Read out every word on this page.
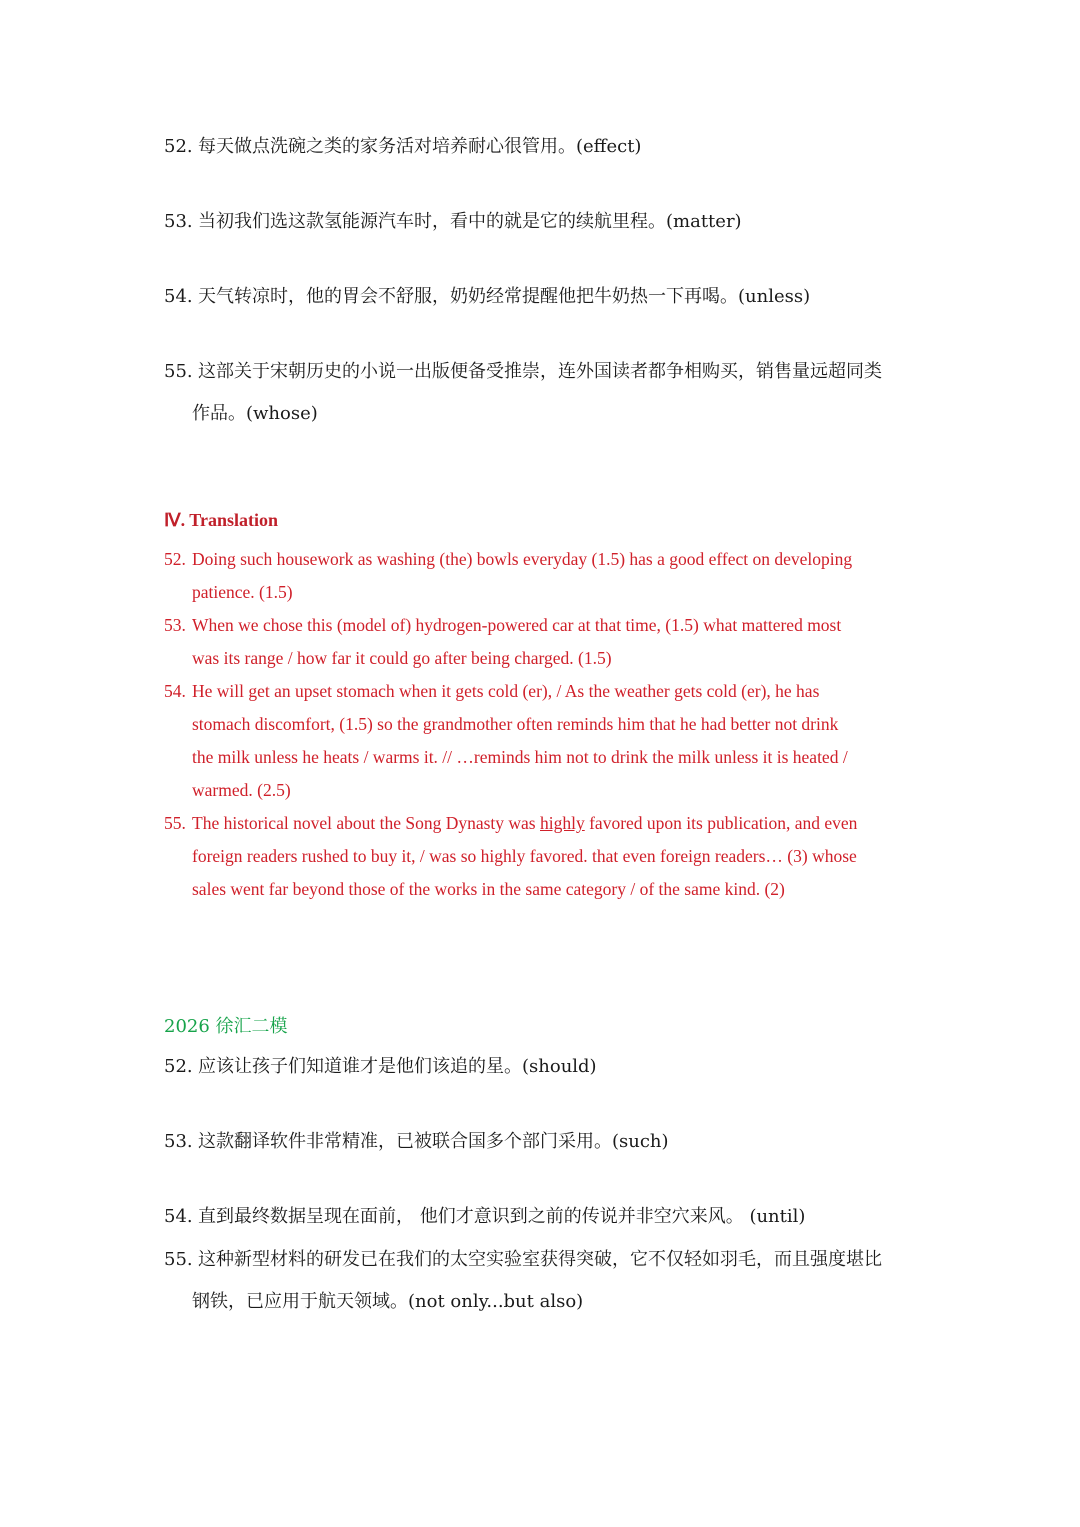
52. 每天做点洗碗之类的家务活对培养耐心很管用。(effect)
53. 当初我们选这款氢能源汽车时，看中的就是它的续航里程。(matter)
54. 天气转凉时，他的胃会不舒服，奶奶经常提醒他把牛奶热一下再喝。(unless)
55. 这部关于宋朝历史的小说一出版便备受推崇，连外国读者都争相购买，销售量远超同类
作品。(whose)
Ⅳ. Translation
52. Doing such housework as washing (the) bowls everyday (1.5) has a good effect on developing
patience. (1.5)
53. When we chose this (model of) hydrogen-powered car at that time, (1.5) what mattered most
was its range / how far it could go after being charged. (1.5)
54. He will get an upset stomach when it gets cold (er), / As the weather gets cold (er), he has
stomach discomfort, (1.5) so the grandmother often reminds him that he had better not drink
the milk unless he heats / warms it. // …reminds him not to drink the milk unless it is heated /
warmed. (2.5)
55. The historical novel about the Song Dynasty was highly favored upon its publication, and even
foreign readers rushed to buy it, / was so highly favored. that even foreign readers… (3) whose
sales went far beyond those of the works in the same category / of the same kind. (2)
2026 徐汇二模
52. 应该让孩子们知道谁才是他们该追的星。(should)
53. 这款翻译软件非常精准，已被联合国多个部门采用。(such)
54. 直到最终数据呈现在面前， 他们才意识到之前的传说并非空穴来风。 (until)
55. 这种新型材料的研发已在我们的太空实验室获得突破，它不仅轻如羽毛，而且强度堪比
钢铁，已应用于航天领域。(not only...but also)
